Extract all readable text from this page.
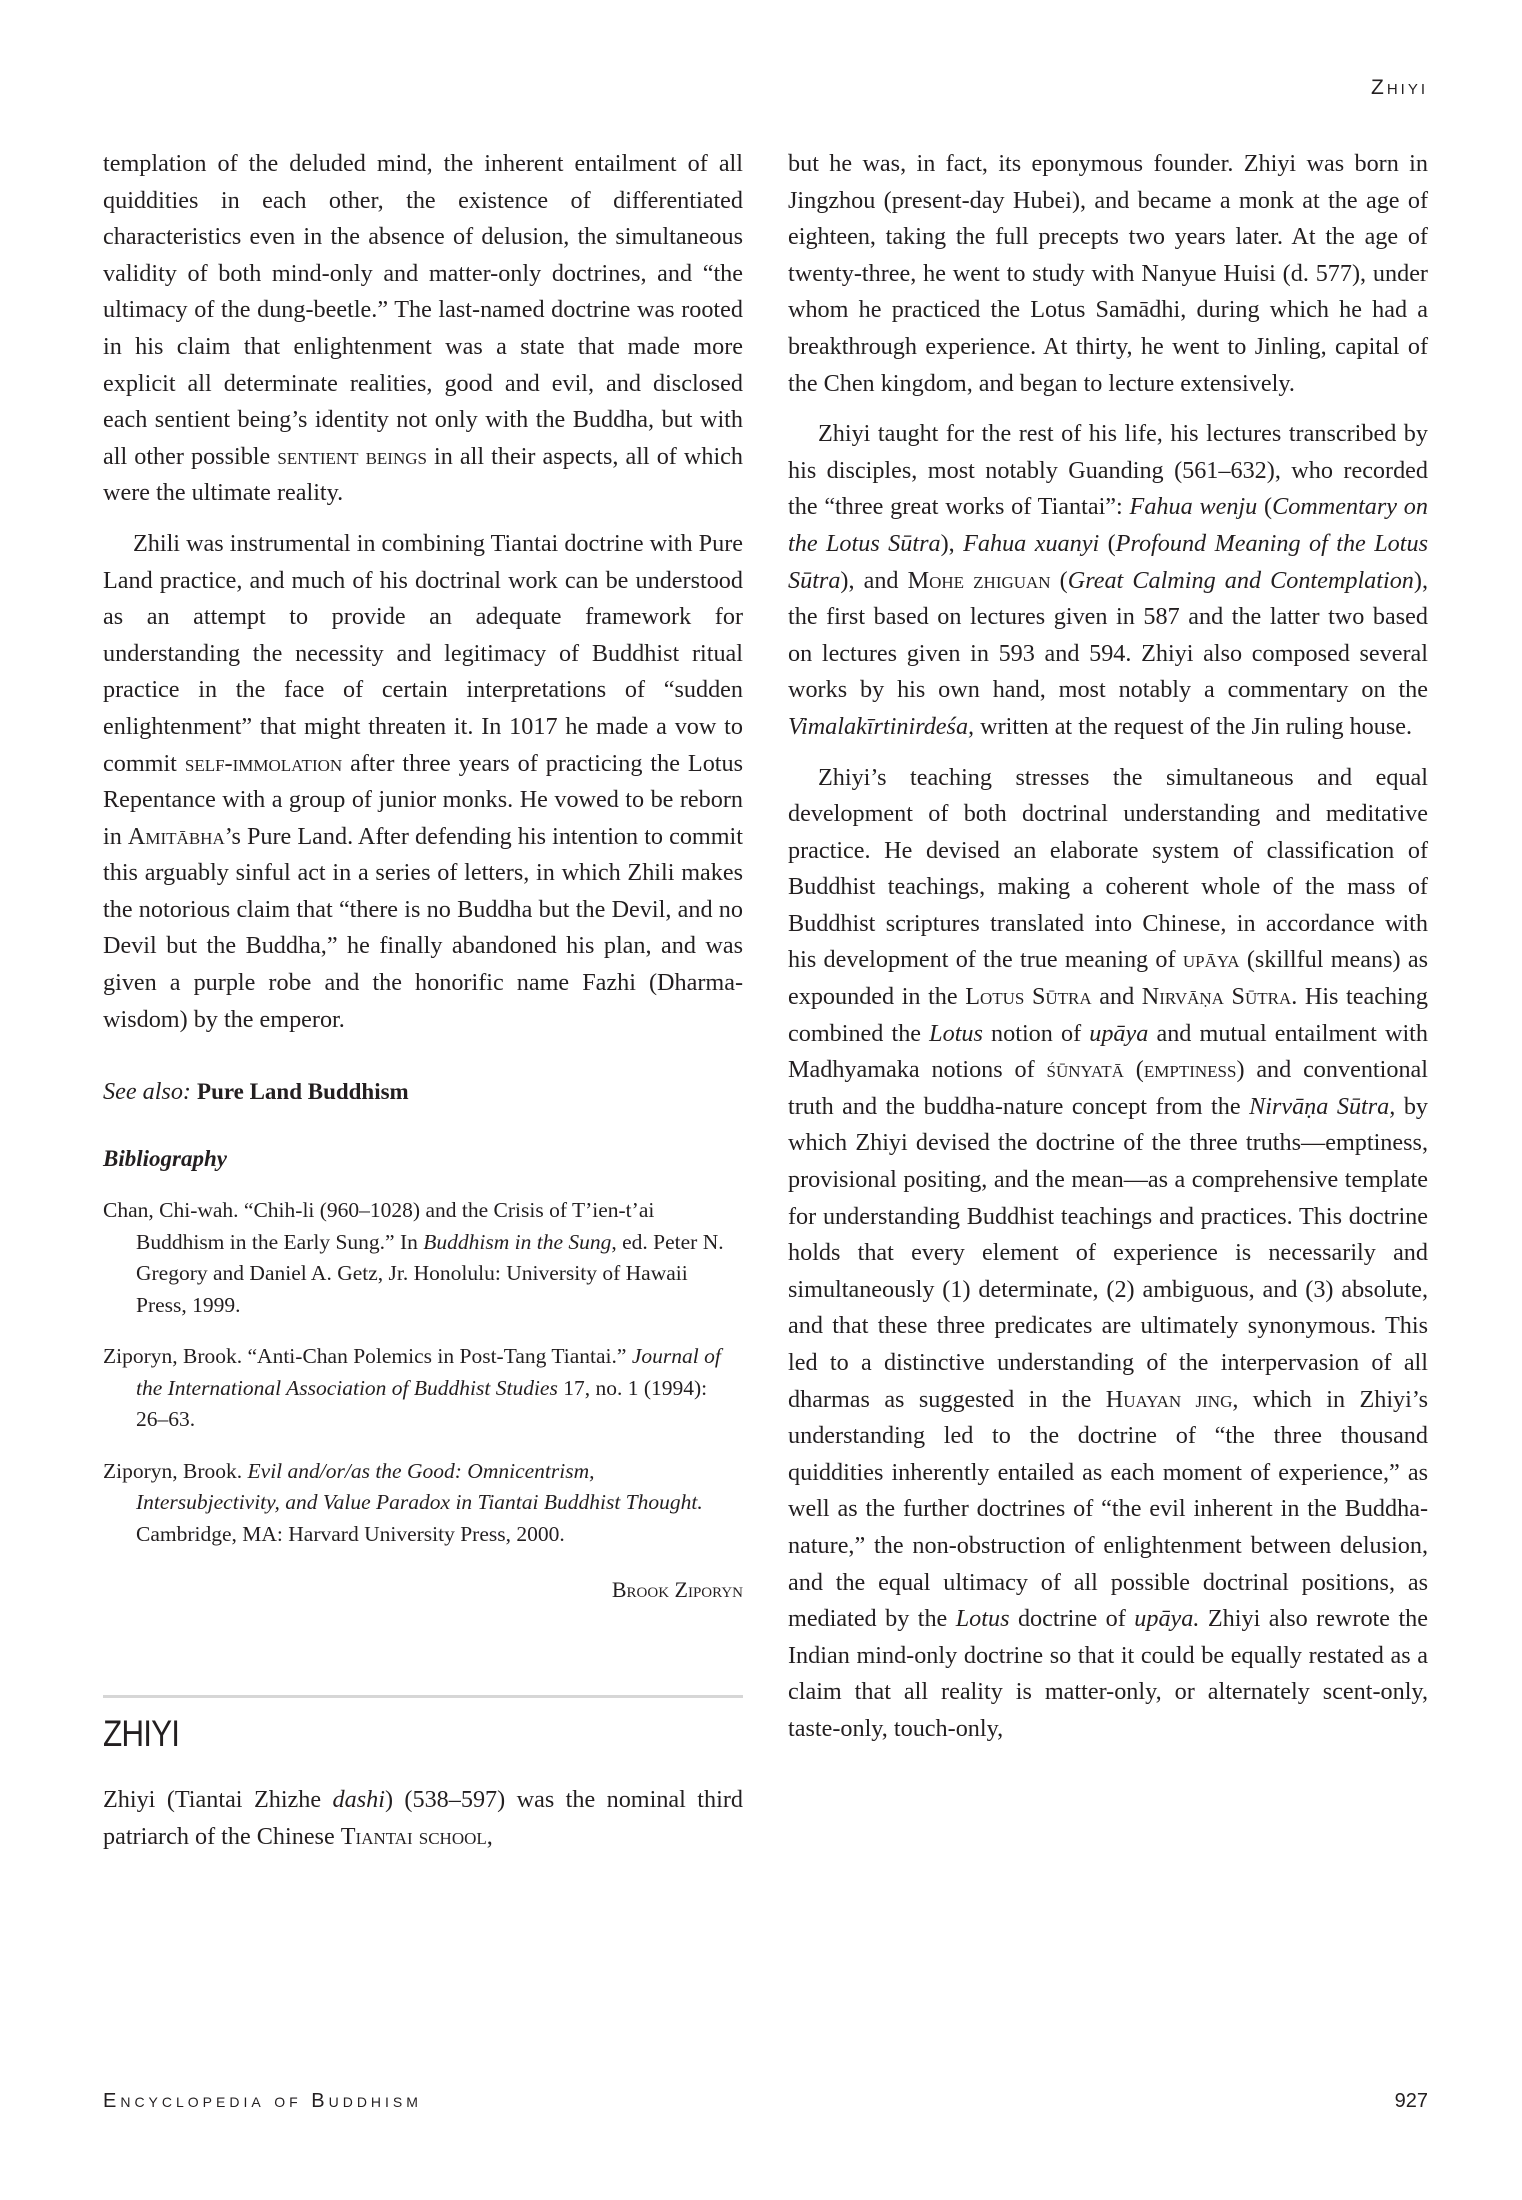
Zhiyi

templation of the deluded mind, the inherent entailment of all quiddities in each other, the existence of differentiated characteristics even in the absence of delusion, the simultaneous validity of both mind-only and matter-only doctrines, and “the ultimacy of the dung-beetle.” The last-named doctrine was rooted in his claim that enlightenment was a state that made more explicit all determinate realities, good and evil, and disclosed each sentient being’s identity not only with the Buddha, but with all other possible sentient beings in all their aspects, all of which were the ultimate reality.

Zhili was instrumental in combining Tiantai doctrine with Pure Land practice, and much of his doctrinal work can be understood as an attempt to provide an adequate framework for understanding the necessity and legitimacy of Buddhist ritual practice in the face of certain interpretations of “sudden enlightenment” that might threaten it. In 1017 he made a vow to commit self-immolation after three years of practicing the Lotus Repentance with a group of junior monks. He vowed to be reborn in Amitābha’s Pure Land. After defending his intention to commit this arguably sinful act in a series of letters, in which Zhili makes the notorious claim that “there is no Buddha but the Devil, and no Devil but the Buddha,” he finally abandoned his plan, and was given a purple robe and the honorific name Fazhi (Dharma-wisdom) by the emperor.

See also: Pure Land Buddhism

Bibliography

Chan, Chi-wah. “Chih-li (960–1028) and the Crisis of T’ien-t’ai Buddhism in the Early Sung.” In Buddhism in the Sung, ed. Peter N. Gregory and Daniel A. Getz, Jr. Honolulu: University of Hawaii Press, 1999.

Ziporyn, Brook. “Anti-Chan Polemics in Post-Tang Tiantai.” Journal of the International Association of Buddhist Studies 17, no. 1 (1994): 26–63.

Ziporyn, Brook. Evil and/or/as the Good: Omnicentrism, Intersubjectivity, and Value Paradox in Tiantai Buddhist Thought. Cambridge, MA: Harvard University Press, 2000.

Brook Ziporyn

ZHIYI

Zhiyi (Tiantai Zhizhe dashi) (538–597) was the nominal third patriarch of the Chinese Tiantai school,

but he was, in fact, its eponymous founder. Zhiyi was born in Jingzhou (present-day Hubei), and became a monk at the age of eighteen, taking the full precepts two years later. At the age of twenty-three, he went to study with Nanyue Huisi (d. 577), under whom he practiced the Lotus Samādhi, during which he had a breakthrough experience. At thirty, he went to Jinling, capital of the Chen kingdom, and began to lecture extensively.

Zhiyi taught for the rest of his life, his lectures transcribed by his disciples, most notably Guanding (561–632), who recorded the “three great works of Tiantai”: Fahua wenju (Commentary on the Lotus Sūtra), Fahua xuanyi (Profound Meaning of the Lotus Sūtra), and Mohe zhiguan (Great Calming and Contemplation), the first based on lectures given in 587 and the latter two based on lectures given in 593 and 594. Zhiyi also composed several works by his own hand, most notably a commentary on the Vimalakīrtinirdeśa, written at the request of the Jin ruling house.

Zhiyi’s teaching stresses the simultaneous and equal development of both doctrinal understanding and meditative practice. He devised an elaborate system of classification of Buddhist teachings, making a coherent whole of the mass of Buddhist scriptures translated into Chinese, in accordance with his development of the true meaning of upāya (skillful means) as expounded in the Lotus Sūtra and Nirvāṇa Sūtra. His teaching combined the Lotus notion of upāya and mutual entailment with Madhyamaka notions of śūnyatā (emptiness) and conventional truth and the buddha-nature concept from the Nirvāṇa Sūtra, by which Zhiyi devised the doctrine of the three truths—emptiness, provisional positing, and the mean—as a comprehensive template for understanding Buddhist teachings and practices. This doctrine holds that every element of experience is necessarily and simultaneously (1) determinate, (2) ambiguous, and (3) absolute, and that these three predicates are ultimately synonymous. This led to a distinctive understanding of the interpervasion of all dharmas as suggested in the Huayan jing, which in Zhiyi’s understanding led to the doctrine of “the three thousand quiddities inherently entailed as each moment of experience,” as well as the further doctrines of “the evil inherent in the Buddha-nature,” the non-obstruction of enlightenment between delusion, and the equal ultimacy of all possible doctrinal positions, as mediated by the Lotus doctrine of upāya. Zhiyi also rewrote the Indian mind-only doctrine so that it could be equally restated as a claim that all reality is matter-only, or alternately scent-only, taste-only, touch-only,

Encyclopedia of Buddhism	927
